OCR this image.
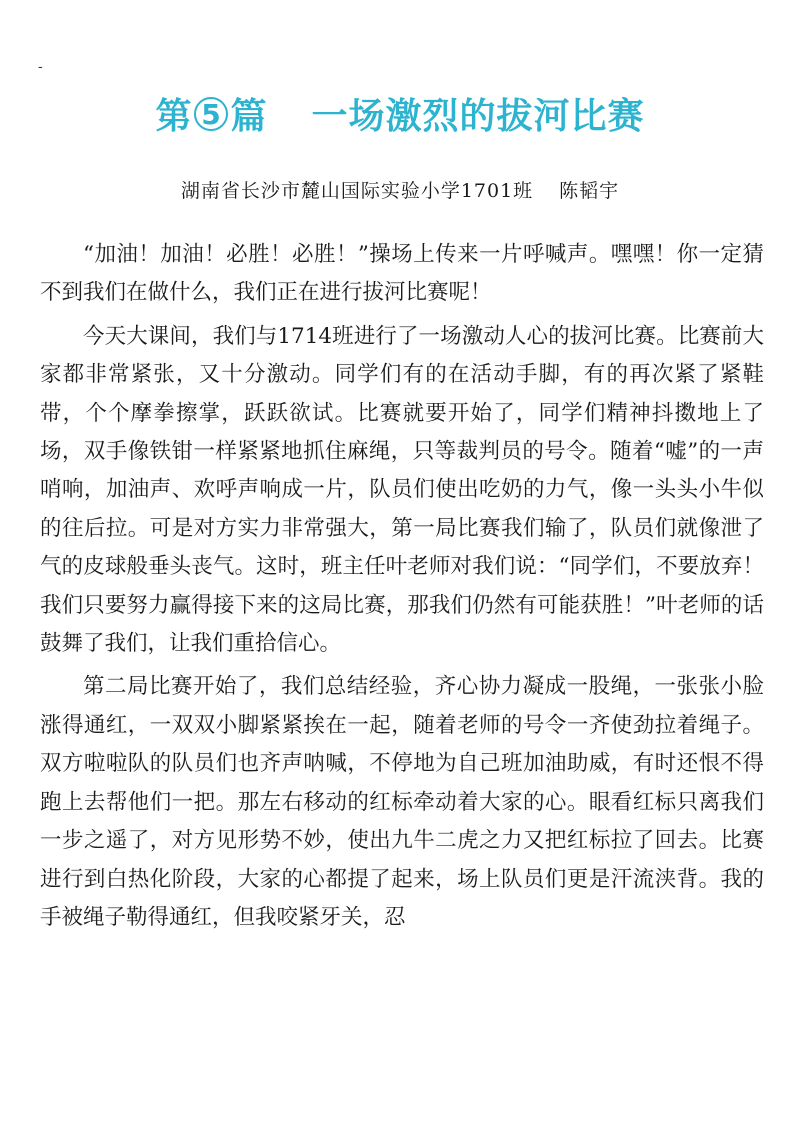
-
第 5 篇 一场激烈的拔河比赛
湖南省长沙市麓山国际实验小学1701班 陈韬宇

“加油！加油！必胜！必胜！”操场上传来一片呼喊声。嘿嘿！你一定猜不到我们在做什么，我们正在进行拔河比赛呢！

今天大课间，我们与1714班进行了一场激动人心的拔河比赛。比赛前大家都非常紧张，又十分激动。同学们有的在活动手脚，有的再次紧了紧鞋带，个个摩拳擦掌，跃跃欲试。比赛就要开始了，同学们精神抖擞地上了场，双手像铁钳一样紧紧地抓住麻绳，只等裁判员的号令。随着“嘘”的一声哨响，加油声、欢呼声响成一片，队员们使出吃奶的力气，像一头头小牛似的往后拉。可是对方实力非常强大，第一局比赛我们输了，队员们就像泄了气的皮球般垂头丧气。这时，班主任叶老师对我们说：“同学们，不要放弃！我们只要努力赢得接下来的这局比赛，那我们仍然有可能获胜！”叶老师的话鼓舞了我们，让我们重拾信心。

第二局比赛开始了，我们总结经验，齐心协力凝成一股绳，一张张小脸涨得通红，一双双小脚紧紧挨在一起，随着老师的号令一齐使劲拉着绳子。双方啦啦队的队员们也齐声呐喊，不停地为自己班加油助威，有时还恨不得跑上去帮他们一把。那左右移动的红标牵动着大家的心。眼看红标只离我们一步之遥了，对方见形势不妙，使出九牛二虎之力又把红标拉了回去。比赛进行到白热化阶段，大家的心都提了起来，场上队员们更是汗流浃背。我的手被绳子勒得通红，但我咬紧牙关，忍
